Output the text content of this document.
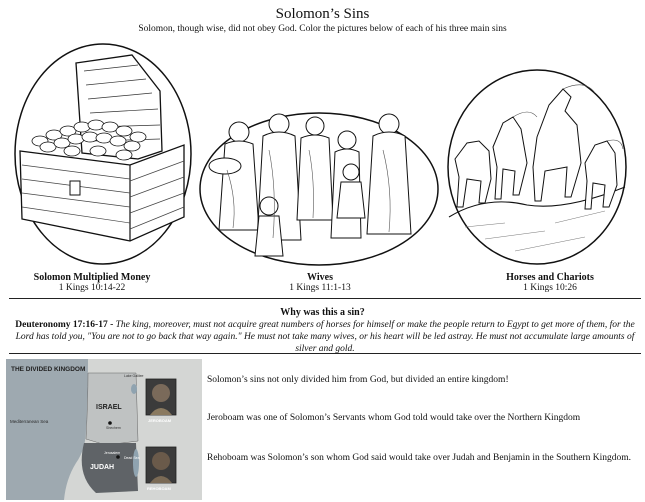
Solomon’s Sins
Solomon, though wise, did not obey God. Color the pictures below of each of his three main sins
Solomon Multiplied Money
1 Kings 10:14-22
Wives
1 Kings 11:1-13
Horses and Chariots
1 Kings 10:26
Why was this a sin?
Deuteronomy 17:16-17 - The king, moreover, must not acquire great numbers of horses for himself or make the people return to Egypt to get more of them, for the Lord has told you, "You are not to go back that way again." He must not take many wives, or his heart will be led astray. He must not accumulate large amounts of silver and gold.
THE DIVIDED KINGDOM
Mediterranean Sea
ISRAEL
JUDAH
Lake Galilee
Shechem
Jerusalem
Dead Sea
JEROBOAM
REHOBOAM
Solomon’s sins not only divided him from God, but divided an entire kingdom!
Jeroboam was one of Solomon’s Servants whom God told would take over the Northern Kingdom
Rehoboam was Solomon’s son whom God said would take over Judah and Benjamin in the Southern Kingdom.
